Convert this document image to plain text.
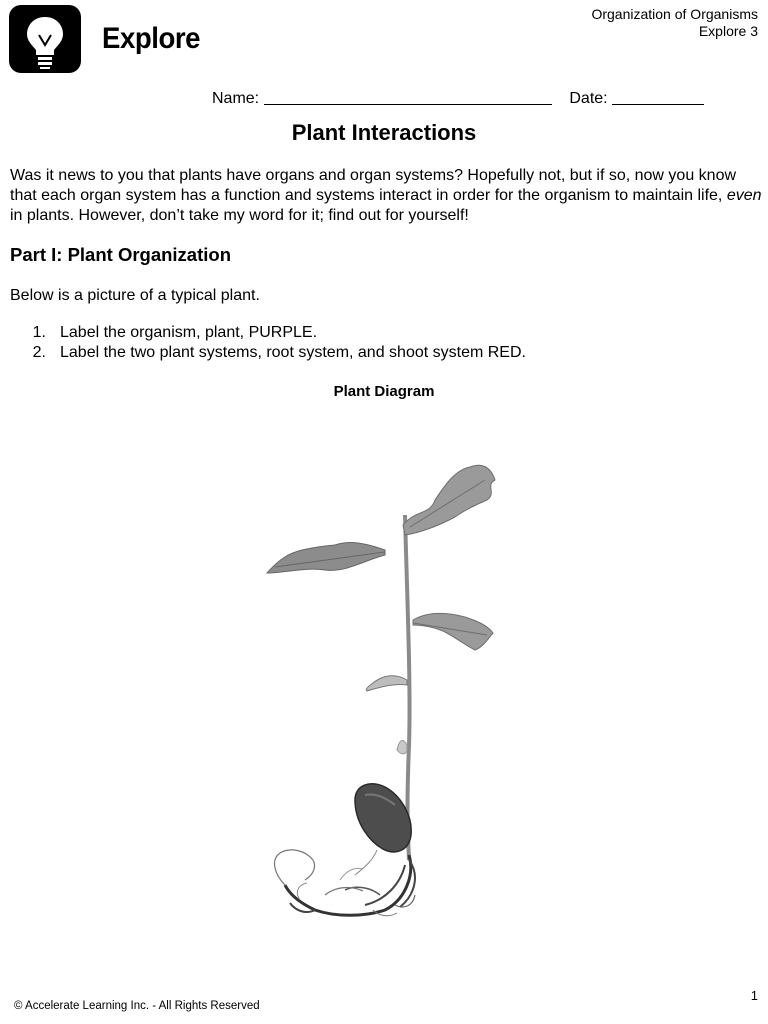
Explore
Organization of Organisms
Explore 3
Name:	Date:
Plant Interactions
Was it news to you that plants have organs and organ systems? Hopefully not, but if so, now you know that each organ system has a function and systems interact in order for the organism to maintain life, even in plants. However, don’t take my word for it; find out for yourself!
Part I: Plant Organization
Below is a picture of a typical plant.
1. Label the organism, plant, PURPLE.
2. Label the two plant systems, root system, and shoot system RED.
Plant Diagram
© Accelerate Learning Inc. - All Rights Reserved
1
